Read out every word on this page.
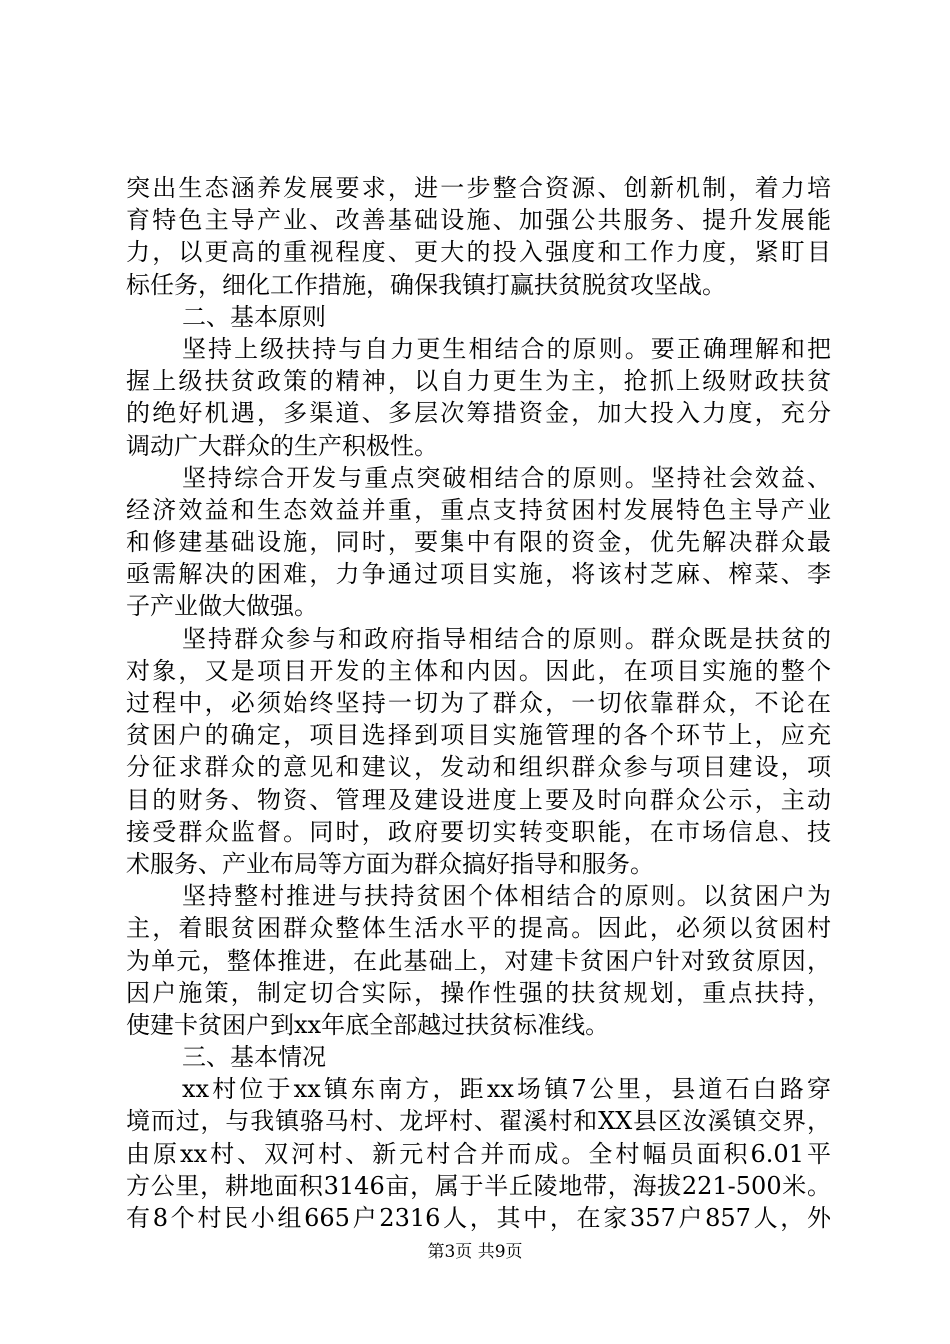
突出生态涵养发展要求，进一步整合资源、创新机制，着力培
育特色主导产业、改善基础设施、加强公共服务、提升发展能
力，以更高的重视程度、更大的投入强度和工作力度，紧盯目
标任务，细化工作措施，确保我镇打赢扶贫脱贫攻坚战。
二、基本原则
坚持上级扶持与自力更生相结合的原则。要正确理解和把
握上级扶贫政策的精神，以自力更生为主，抢抓上级财政扶贫
的绝好机遇，多渠道、多层次筹措资金，加大投入力度，充分
调动广大群众的生产积极性。
坚持综合开发与重点突破相结合的原则。坚持社会效益、
经济效益和生态效益并重，重点支持贫困村发展特色主导产业
和修建基础设施，同时，要集中有限的资金，优先解决群众最
亟需解决的困难，力争通过项目实施，将该村芝麻、榨菜、李
子产业做大做强。
坚持群众参与和政府指导相结合的原则。群众既是扶贫的
对象，又是项目开发的主体和内因。因此，在项目实施的整个
过程中，必须始终坚持一切为了群众，一切依靠群众，不论在
贫困户的确定，项目选择到项目实施管理的各个环节上，应充
分征求群众的意见和建议，发动和组织群众参与项目建设，项
目的财务、物资、管理及建设进度上要及时向群众公示，主动
接受群众监督。同时，政府要切实转变职能，在市场信息、技
术服务、产业布局等方面为群众搞好指导和服务。
坚持整村推进与扶持贫困个体相结合的原则。以贫困户为
主，着眼贫困群众整体生活水平的提高。因此，必须以贫困村
为单元，整体推进，在此基础上，对建卡贫困户针对致贫原因，
因户施策，制定切合实际，操作性强的扶贫规划，重点扶持，
使建卡贫困户到xx年底全部越过扶贫标准线。
三、基本情况
xx村位于xx镇东南方，距xx场镇7公里，县道石白路穿
境而过，与我镇骆马村、龙坪村、翟溪村和XX县区汝溪镇交界，
由原xx村、双河村、新元村合并而成。全村幅员面积6.01平
方公里，耕地面积3146亩，属于半丘陵地带，海拔221-500米。
有8个村民小组665户2316人，其中，在家357户857人，外
第3页 共9页
